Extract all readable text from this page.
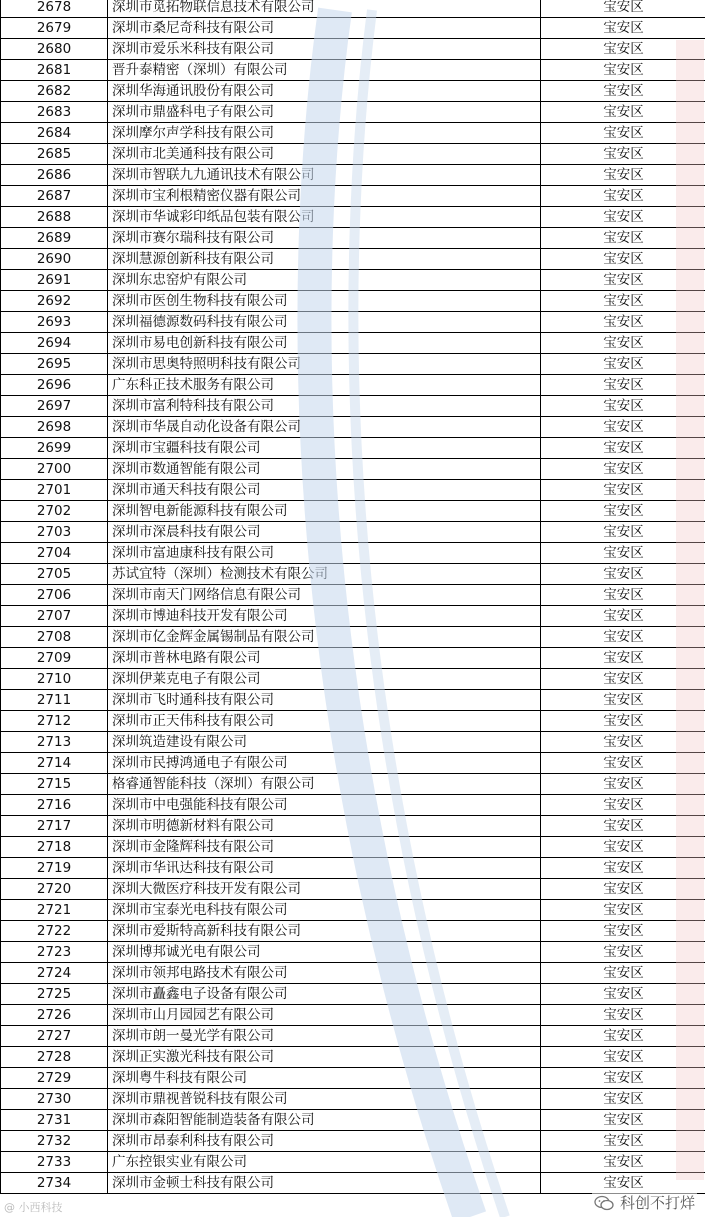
2678	深圳市觅拓物联信息技术有限公司	宝安区
2679	深圳市桑尼奇科技有限公司	宝安区
2680	深圳市爱乐米科技有限公司	宝安区
2681	晋升泰精密（深圳）有限公司	宝安区
2682	深圳华海通讯股份有限公司	宝安区
2683	深圳市鼎盛科电子有限公司	宝安区
2684	深圳摩尔声学科技有限公司	宝安区
2685	深圳市北美通科技有限公司	宝安区
2686	深圳市智联九九通讯技术有限公司	宝安区
2687	深圳市宝利根精密仪器有限公司	宝安区
2688	深圳市华诚彩印纸品包装有限公司	宝安区
2689	深圳市赛尔瑞科技有限公司	宝安区
2690	深圳慧源创新科技有限公司	宝安区
2691	深圳东忠窑炉有限公司	宝安区
2692	深圳市医创生物科技有限公司	宝安区
2693	深圳福德源数码科技有限公司	宝安区
2694	深圳市易电创新科技有限公司	宝安区
2695	深圳市思奥特照明科技有限公司	宝安区
2696	广东科正技术服务有限公司	宝安区
2697	深圳市富利特科技有限公司	宝安区
2698	深圳市华晟自动化设备有限公司	宝安区
2699	深圳市宝疆科技有限公司	宝安区
2700	深圳市数通智能有限公司	宝安区
2701	深圳市通天科技有限公司	宝安区
2702	深圳智电新能源科技有限公司	宝安区
2703	深圳市深晨科技有限公司	宝安区
2704	深圳市富迪康科技有限公司	宝安区
2705	苏试宜特（深圳）检测技术有限公司	宝安区
2706	深圳市南天门网络信息有限公司	宝安区
2707	深圳市博迪科技开发有限公司	宝安区
2708	深圳市亿金辉金属锡制品有限公司	宝安区
2709	深圳市普林电路有限公司	宝安区
2710	深圳伊莱克电子有限公司	宝安区
2711	深圳市飞时通科技有限公司	宝安区
2712	深圳市正天伟科技有限公司	宝安区
2713	深圳筑造建设有限公司	宝安区
2714	深圳市民搏鸿通电子有限公司	宝安区
2715	格睿通智能科技（深圳）有限公司	宝安区
2716	深圳市中电强能科技有限公司	宝安区
2717	深圳市明德新材料有限公司	宝安区
2718	深圳市金隆辉科技有限公司	宝安区
2719	深圳市华讯达科技有限公司	宝安区
2720	深圳大微医疗科技开发有限公司	宝安区
2721	深圳市宝泰光电科技有限公司	宝安区
2722	深圳市爱斯特高新科技有限公司	宝安区
2723	深圳博邦诚光电有限公司	宝安区
2724	深圳市领邦电路技术有限公司	宝安区
2725	深圳市矗鑫电子设备有限公司	宝安区
2726	深圳市山月园园艺有限公司	宝安区
2727	深圳市朗一曼光学有限公司	宝安区
2728	深圳正实激光科技有限公司	宝安区
2729	深圳粤牛科技有限公司	宝安区
2730	深圳市鼎视普锐科技有限公司	宝安区
2731	深圳市森阳智能制造装备有限公司	宝安区
2732	深圳市昂泰利科技有限公司	宝安区
2733	广东控银实业有限公司	宝安区
2734	深圳市金顿士科技有限公司	宝安区
@ 小西科技	科创不打烊
